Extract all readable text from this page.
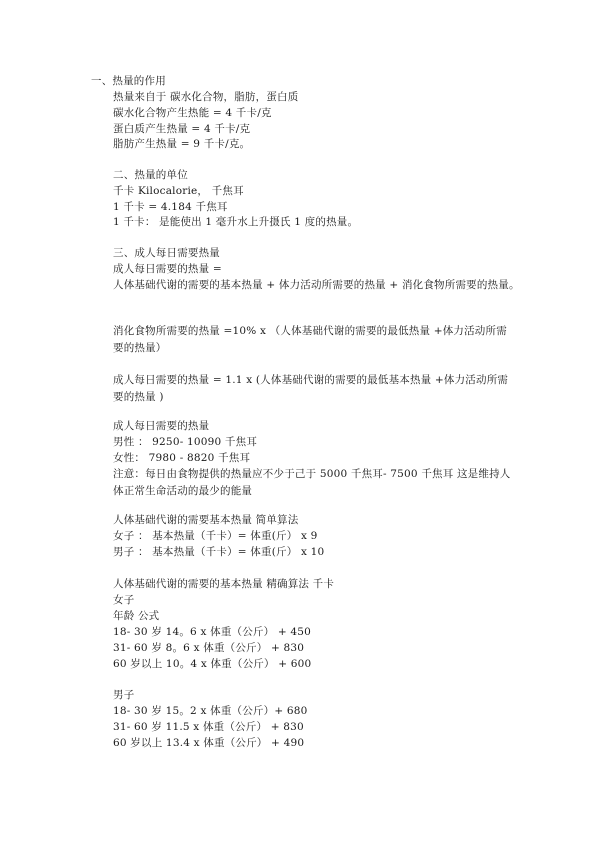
一、热量的作用
热量来自于 碳水化合物，脂肪，蛋白质
碳水化合物产生热能 = 4 千卡/克
蛋白质产生热量 = 4 千卡/克
脂肪产生热量 = 9 千卡/克。
二、热量的单位
千卡 Kilocalorie， 千焦耳
1 千卡 = 4.184 千焦耳
1 千卡： 是能使出 1 毫升水上升摄氏 1 度的热量。
三、成人每日需要热量
成人每日需要的热量 =
人体基础代谢的需要的基本热量 + 体力活动所需要的热量 + 消化食物所需要的热量。
消化食物所需要的热量 =10% x （人体基础代谢的需要的最低热量 +体力活动所需要的热量）
成人每日需要的热量 = 1.1 x (人体基础代谢的需要的最低基本热量 +体力活动所需要的热量 )
成人每日需要的热量
男性 ： 9250- 10090 千焦耳
女性： 7980 - 8820 千焦耳
注意：每日由食物提供的热量应不少于己于 5000 千焦耳- 7500 千焦耳 这是维持人体正常生命活动的最少的能量
人体基础代谢的需要基本热量 简单算法
女子 ： 基本热量（千卡）= 体重(斤） x 9
男子 ： 基本热量（千卡）= 体重(斤） x 10
人体基础代谢的需要的基本热量 精确算法 千卡
女子
年龄 公式
18- 30 岁 14。6 x 体重（公斤） + 450
31- 60 岁 8。6 x 体重（公斤） + 830
60 岁以上 10。4 x 体重（公斤） + 600
男子
18- 30 岁 15。2 x 体重（公斤）+ 680
31- 60 岁 11.5 x 体重（公斤） + 830
60 岁以上 13.4 x 体重（公斤） + 490
